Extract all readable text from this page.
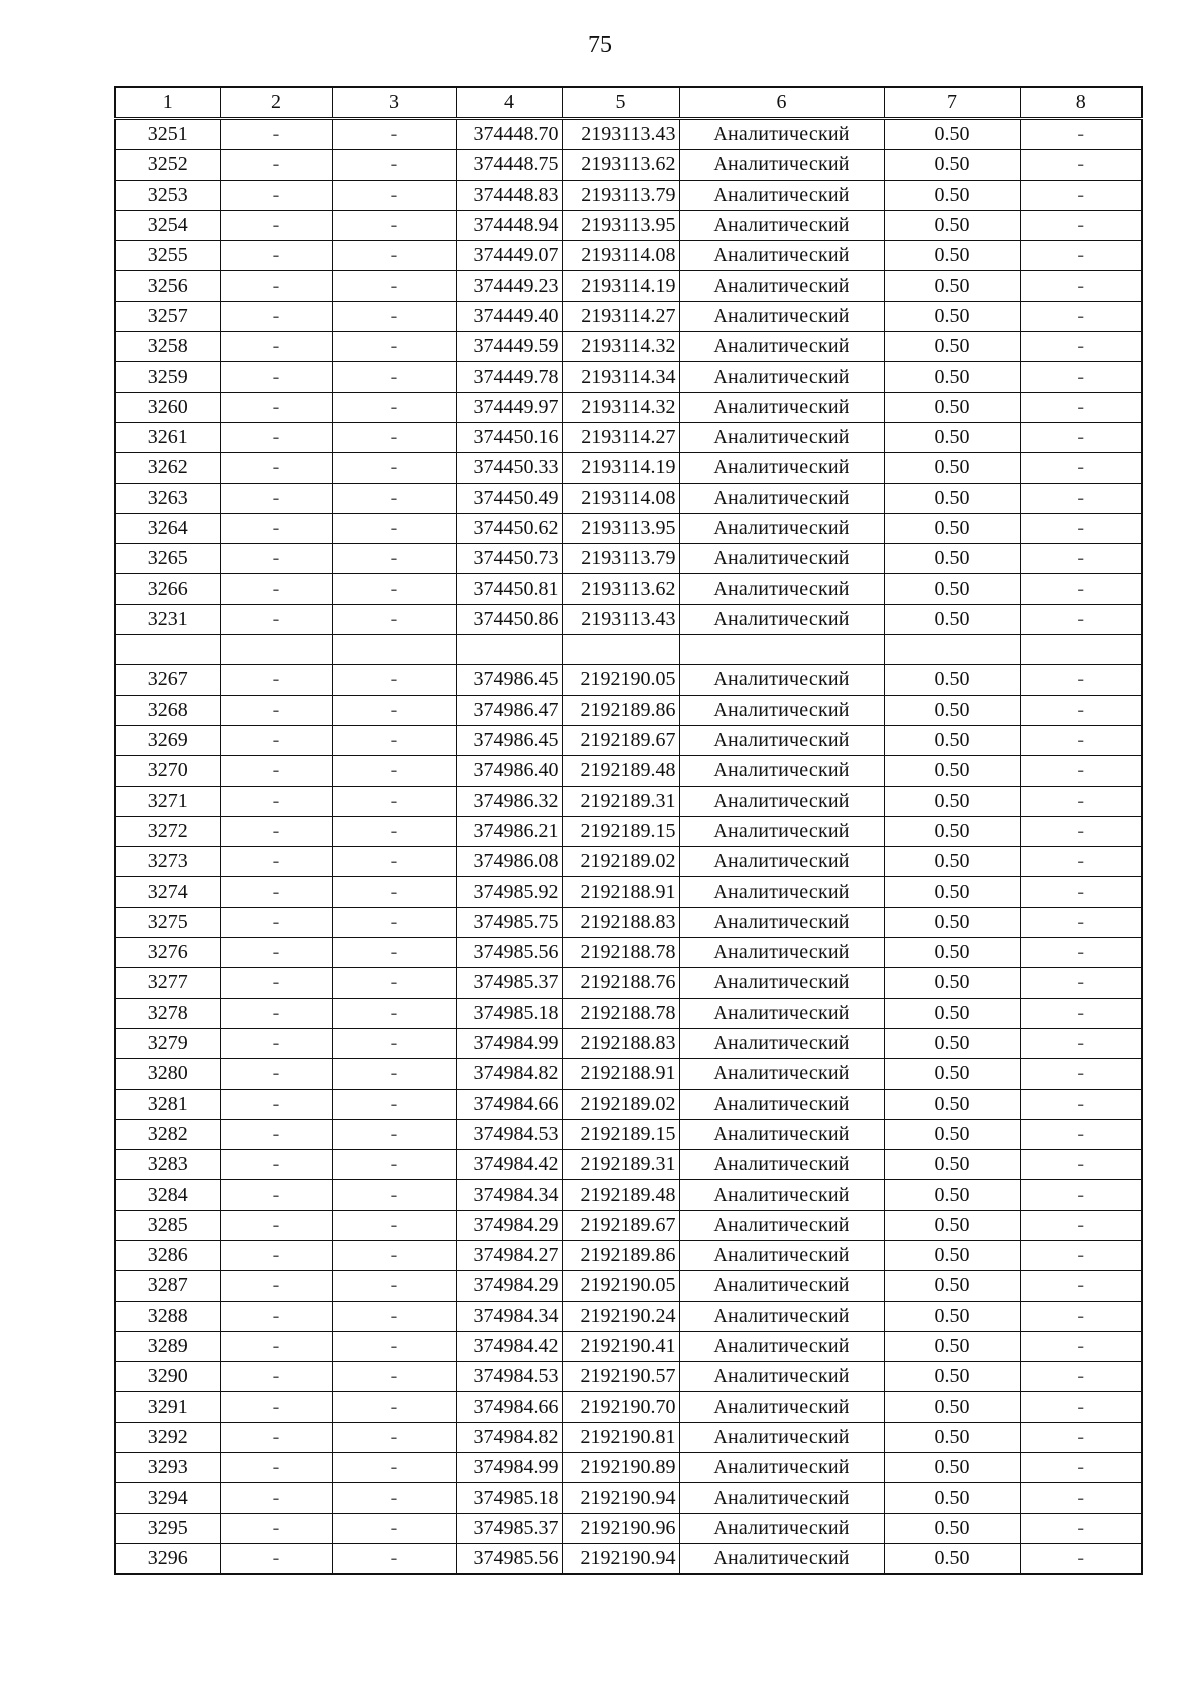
75
1	2	3	4	5	6	7	8
3251	-	-	374448.70	2193113.43	Аналитический	0.50	-
3252	-	-	374448.75	2193113.62	Аналитический	0.50	-
3253	-	-	374448.83	2193113.79	Аналитический	0.50	-
3254	-	-	374448.94	2193113.95	Аналитический	0.50	-
3255	-	-	374449.07	2193114.08	Аналитический	0.50	-
3256	-	-	374449.23	2193114.19	Аналитический	0.50	-
3257	-	-	374449.40	2193114.27	Аналитический	0.50	-
3258	-	-	374449.59	2193114.32	Аналитический	0.50	-
3259	-	-	374449.78	2193114.34	Аналитический	0.50	-
3260	-	-	374449.97	2193114.32	Аналитический	0.50	-
3261	-	-	374450.16	2193114.27	Аналитический	0.50	-
3262	-	-	374450.33	2193114.19	Аналитический	0.50	-
3263	-	-	374450.49	2193114.08	Аналитический	0.50	-
3264	-	-	374450.62	2193113.95	Аналитический	0.50	-
3265	-	-	374450.73	2193113.79	Аналитический	0.50	-
3266	-	-	374450.81	2193113.62	Аналитический	0.50	-
3231	-	-	374450.86	2193113.43	Аналитический	0.50	-

3267	-	-	374986.45	2192190.05	Аналитический	0.50	-
3268	-	-	374986.47	2192189.86	Аналитический	0.50	-
3269	-	-	374986.45	2192189.67	Аналитический	0.50	-
3270	-	-	374986.40	2192189.48	Аналитический	0.50	-
3271	-	-	374986.32	2192189.31	Аналитический	0.50	-
3272	-	-	374986.21	2192189.15	Аналитический	0.50	-
3273	-	-	374986.08	2192189.02	Аналитический	0.50	-
3274	-	-	374985.92	2192188.91	Аналитический	0.50	-
3275	-	-	374985.75	2192188.83	Аналитический	0.50	-
3276	-	-	374985.56	2192188.78	Аналитический	0.50	-
3277	-	-	374985.37	2192188.76	Аналитический	0.50	-
3278	-	-	374985.18	2192188.78	Аналитический	0.50	-
3279	-	-	374984.99	2192188.83	Аналитический	0.50	-
3280	-	-	374984.82	2192188.91	Аналитический	0.50	-
3281	-	-	374984.66	2192189.02	Аналитический	0.50	-
3282	-	-	374984.53	2192189.15	Аналитический	0.50	-
3283	-	-	374984.42	2192189.31	Аналитический	0.50	-
3284	-	-	374984.34	2192189.48	Аналитический	0.50	-
3285	-	-	374984.29	2192189.67	Аналитический	0.50	-
3286	-	-	374984.27	2192189.86	Аналитический	0.50	-
3287	-	-	374984.29	2192190.05	Аналитический	0.50	-
3288	-	-	374984.34	2192190.24	Аналитический	0.50	-
3289	-	-	374984.42	2192190.41	Аналитический	0.50	-
3290	-	-	374984.53	2192190.57	Аналитический	0.50	-
3291	-	-	374984.66	2192190.70	Аналитический	0.50	-
3292	-	-	374984.82	2192190.81	Аналитический	0.50	-
3293	-	-	374984.99	2192190.89	Аналитический	0.50	-
3294	-	-	374985.18	2192190.94	Аналитический	0.50	-
3295	-	-	374985.37	2192190.96	Аналитический	0.50	-
3296	-	-	374985.56	2192190.94	Аналитический	0.50	-
